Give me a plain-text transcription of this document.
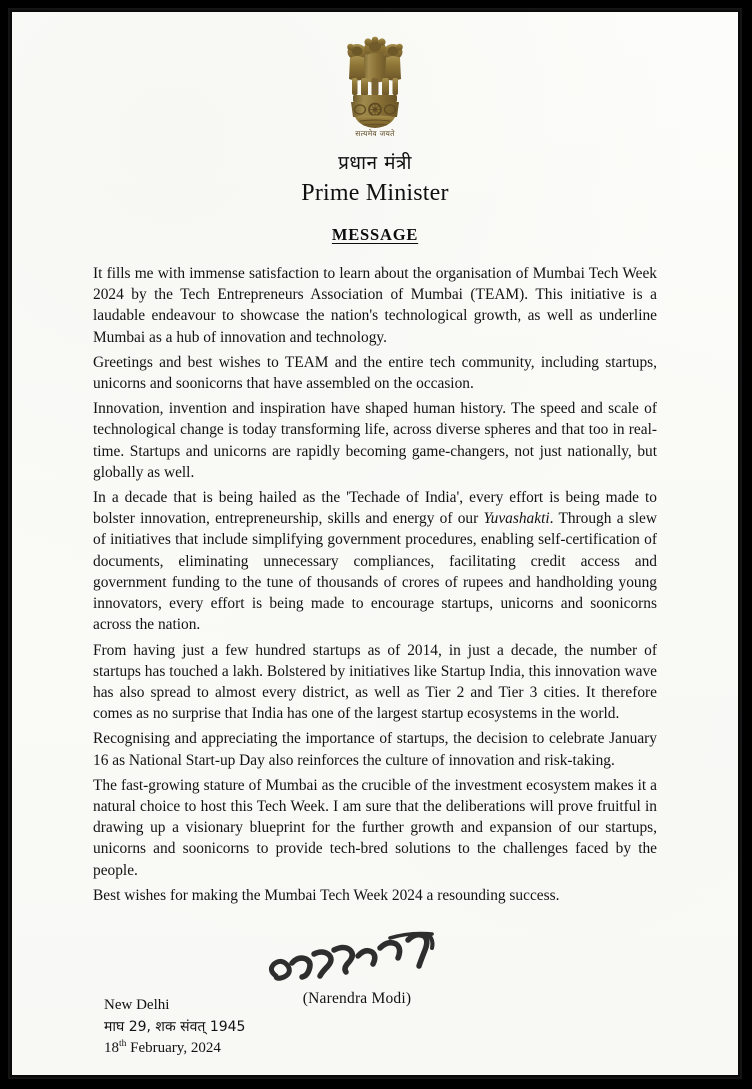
सत्यमेव जयते
प्रधान मंत्री
Prime Minister
MESSAGE

It fills me with immense satisfaction to learn about the organisation of Mumbai Tech Week 2024 by the Tech Entrepreneurs Association of Mumbai (TEAM). This initiative is a laudable endeavour to showcase the nation's technological growth, as well as underline Mumbai as a hub of innovation and technology.

Greetings and best wishes to TEAM and the entire tech community, including startups, unicorns and soonicorns that have assembled on the occasion.

Innovation, invention and inspiration have shaped human history. The speed and scale of technological change is today transforming life, across diverse spheres and that too in real-time. Startups and unicorns are rapidly becoming game-changers, not just nationally, but globally as well.

In a decade that is being hailed as the 'Techade of India', every effort is being made to bolster innovation, entrepreneurship, skills and energy of our Yuvashakti. Through a slew of initiatives that include simplifying government procedures, enabling self-certification of documents, eliminating unnecessary compliances, facilitating credit access and government funding to the tune of thousands of crores of rupees and handholding young innovators, every effort is being made to encourage startups, unicorns and soonicorns across the nation.

From having just a few hundred startups as of 2014, in just a decade, the number of startups has touched a lakh. Bolstered by initiatives like Startup India, this innovation wave has also spread to almost every district, as well as Tier 2 and Tier 3 cities. It therefore comes as no surprise that India has one of the largest startup ecosystems in the world.

Recognising and appreciating the importance of startups, the decision to celebrate January 16 as National Start-up Day also reinforces the culture of innovation and risk-taking.

The fast-growing stature of Mumbai as the crucible of the investment ecosystem makes it a natural choice to host this Tech Week. I am sure that the deliberations will prove fruitful in drawing up a visionary blueprint for the further growth and expansion of our startups, unicorns and soonicorns to provide tech-bred solutions to the challenges faced by the people.

Best wishes for making the Mumbai Tech Week 2024 a resounding success.

(Narendra Modi)
New Delhi
माघ 29, शक संवत् 1945
18th February, 2024
